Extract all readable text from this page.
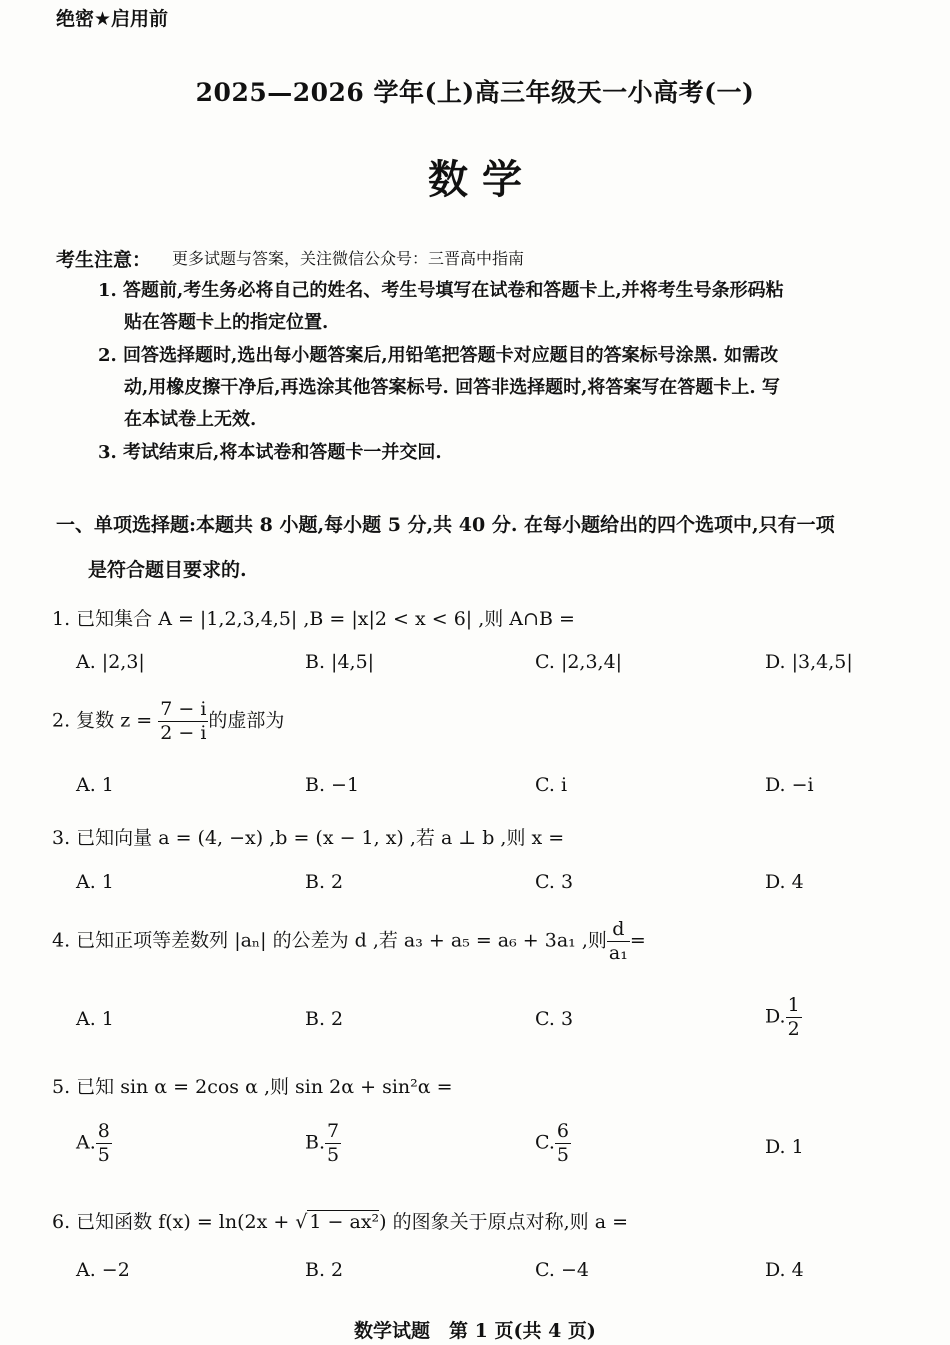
绝密★启用前
2025—2026 学年(上)高三年级天一小高考(一)
数 学
考生注意： 更多试题与答案，关注微信公众号：三晋高中指南
1. 答题前,考生务必将自己的姓名、考生号填写在试卷和答题卡上,并将考生号条形码粘

贴在答题卡上的指定位置.
2. 回答选择题时,选出每小题答案后,用铅笔把答题卡对应题目的答案标号涂黑. 如需改

动,用橡皮擦干净后,再选涂其他答案标号. 回答非选择题时,将答案写在答题卡上. 写
在本试卷上无效.
3. 考试结束后,将本试卷和答题卡一并交回.
一、单项选择题:本题共 8 小题,每小题 5 分,共 40 分. 在每小题给出的四个选项中,只有一项
是符合题目要求的.
1. 已知集合 A = |1,2,3,4,5| ,B = |x|2 < x < 6| ,则 A∩B =
A. |2,3|	B. |4,5|	C. |2,3,4|	D. |3,4,5|
2. 复数 $z = \frac{7 - i}{2 - i}$ 的虚部为
A. 1	B. −1	C. i	D. −i
3. 已知向量 a = (4, −x) ,b = (x − 1, x) ,若 a ⊥ b ,则 x =
A. 1	B. 2	C. 3	D. 4
4. 已知正项等差数列 |aₙ| 的公差为 d ,若 a₃ + a₅ = a₆ + 3a₁ ,则 $\frac{d}{\text{a₁}}$ =
A. 1	B. 2	C. 3	D. $\frac{1}{2}$
5. 已知 sin α = 2cos α ,则 sin 2α + sin²α =
A. $\frac{8}{5}$	B. $\frac{7}{5}$	C. $\frac{6}{5}$	D. 1
6. 已知函数 f(x) = ln(2x + √ 1 − ax²) 的图象关于原点对称,则 a =
A. −2	B. 2	C. −4	D. 4
数学试题　第 1 页(共 4 页)
